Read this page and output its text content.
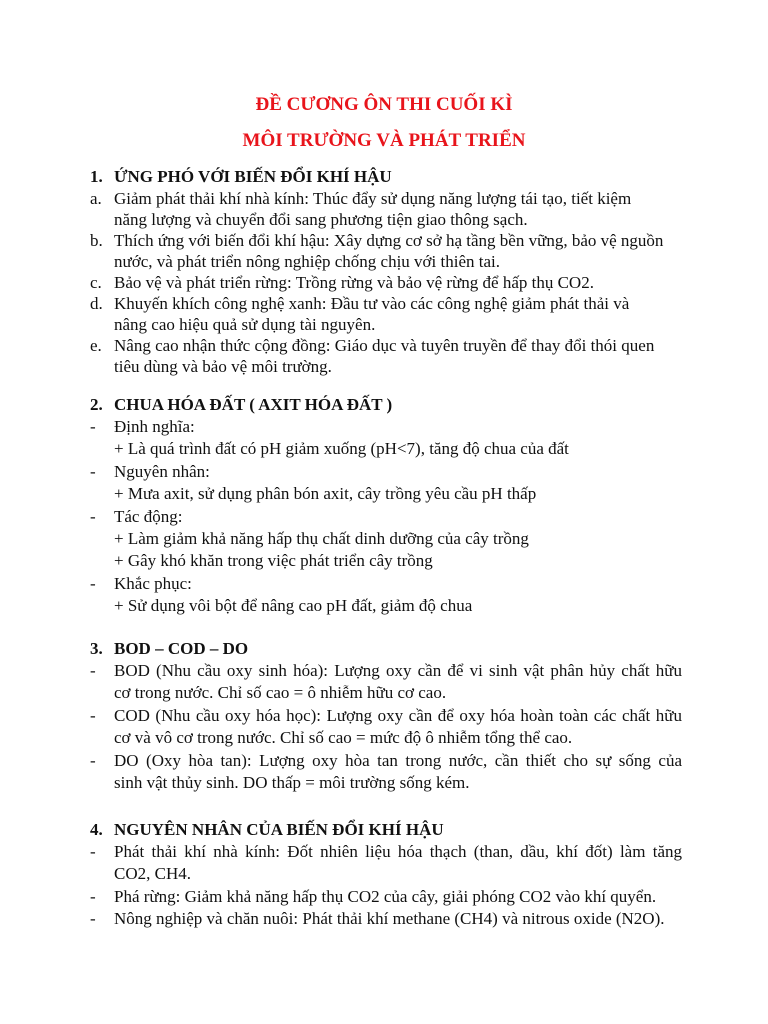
ĐỀ CƯƠNG ÔN THI CUỐI KÌ
MÔI TRƯỜNG VÀ PHÁT TRIỂN
1. ỨNG PHÓ VỚI BIẾN ĐỔI KHÍ HẬU
a. Giảm phát thải khí nhà kính: Thúc đẩy sử dụng năng lượng tái tạo, tiết kiệm
năng lượng và chuyển đổi sang phương tiện giao thông sạch.
b. Thích ứng với biến đổi khí hậu: Xây dựng cơ sở hạ tầng bền vững, bảo vệ nguồn
nước, và phát triển nông nghiệp chống chịu với thiên tai.
c. Bảo vệ và phát triển rừng: Trồng rừng và bảo vệ rừng để hấp thụ CO2.
d. Khuyến khích công nghệ xanh: Đầu tư vào các công nghệ giảm phát thải và
nâng cao hiệu quả sử dụng tài nguyên.
e. Nâng cao nhận thức cộng đồng: Giáo dục và tuyên truyền để thay đổi thói quen
tiêu dùng và bảo vệ môi trường.
2. CHUA HÓA ĐẤT ( AXIT HÓA ĐẤT )
- Định nghĩa:
+ Là quá trình đất có pH giảm xuống (pH<7), tăng độ chua của đất
- Nguyên nhân:
+ Mưa axit, sử dụng phân bón axit, cây trồng yêu cầu pH thấp
- Tác động:
+ Làm giảm khả năng hấp thụ chất dinh dưỡng của cây trồng
+ Gây khó khăn trong việc phát triển cây trồng
- Khắc phục:
+ Sử dụng vôi bột để nâng cao pH đất, giảm độ chua
3. BOD – COD – DO
- BOD (Nhu cầu oxy sinh hóa): Lượng oxy cần để vi sinh vật phân hủy chất hữu
cơ trong nước. Chỉ số cao = ô nhiễm hữu cơ cao.
- COD (Nhu cầu oxy hóa học): Lượng oxy cần để oxy hóa hoàn toàn các chất hữu
cơ và vô cơ trong nước. Chỉ số cao = mức độ ô nhiễm tổng thể cao.
- DO (Oxy hòa tan): Lượng oxy hòa tan trong nước, cần thiết cho sự sống của
sinh vật thủy sinh. DO thấp = môi trường sống kém.
4. NGUYÊN NHÂN CỦA BIẾN ĐỔI KHÍ HẬU
- Phát thải khí nhà kính: Đốt nhiên liệu hóa thạch (than, dầu, khí đốt) làm tăng
CO2, CH4.
- Phá rừng: Giảm khả năng hấp thụ CO2 của cây, giải phóng CO2 vào khí quyển.
- Nông nghiệp và chăn nuôi: Phát thải khí methane (CH4) và nitrous oxide (N2O).
